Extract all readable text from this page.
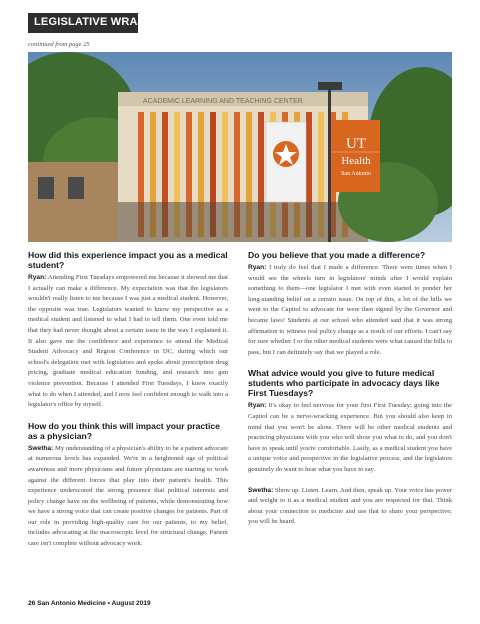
LEGISLATIVE WRAP-UP
continued from page 25
ACADEMIC LEARNING AND TEACHING CENTER
UT
Health
San Antonio
How did this experience impact you as a medical student?

Ryan: Attending First Tuesdays empowered me because it showed me that I actually can make a difference. My expectation was that the legislators wouldn't really listen to me because I was just a medical student. However, the opposite was true. Legislators wanted to know my perspective as a medical student and listened to what I had to tell them. One even told me that they had never thought about a certain issue in the way I explained it. It also gave me the confidence and experience to attend the Medical Student Advocacy and Region Conference in DC, during which our school's delegation met with legislators and spoke about prescription drug pricing, graduate medical education funding, and research into gun violence prevention. Because I attended First Tuesdays, I knew exactly what to do when I attended, and I now feel confident enough to walk into a legislator's office by myself.

How do you think this will impact your practice as a physician?

Swetha: My understanding of a physician's ability to be a patient advocate at numerous levels has expanded. We're in a heightened age of political awareness and more physicians and future physicians are starting to work against the different forces that play into their patient's health. This experience underscored the strong presence that political interests and policy change have on the wellbeing of patients, while demonstrating how we have a strong voice that can create positive changes for patients. Part of our role in providing high-quality care for our patients, to my belief, includes advocating at the macroscopic level for structural change. Patient care isn't complete without advocacy work.

Do you believe that you made a difference?

Ryan: I truly do feel that I made a difference. There were times when I would see the wheels turn in legislators' minds after I would explain something to them—one legislator I met with even started to ponder her long-standing belief on a certain issue. On top of this, a lot of the bills we went to the Capitol to advocate for were then signed by the Governor and became laws! Students at our school who attended said that it was strong affirmation to witness real policy change as a result of our efforts. I can't say for sure whether I or the other medical students were what caused the bills to pass, but I can definitely say that we played a role.

What advice would you give to future medical students who participate in advocacy days like First Tuesdays?

Ryan: It's okay to feel nervous for your first First Tuesday; going into the Capitol can be a nerve-wracking experience. But you should also keep in mind that you won't be alone. There will be other medical students and practicing physicians with you who will show you what to do, and you don't have to speak until you're comfortable. Lastly, as a medical student you have a unique voice and perspective in the legislative process, and the legislators genuinely do want to hear what you have to say.

Swetha: Show up. Listen. Learn. And then, speak up. Your voice has power and weight to it as a medical student and you are respected for that. Think about your connection to medicine and use that to share your perspective; you will be heard.

26 San Antonio Medicine • August 2019
